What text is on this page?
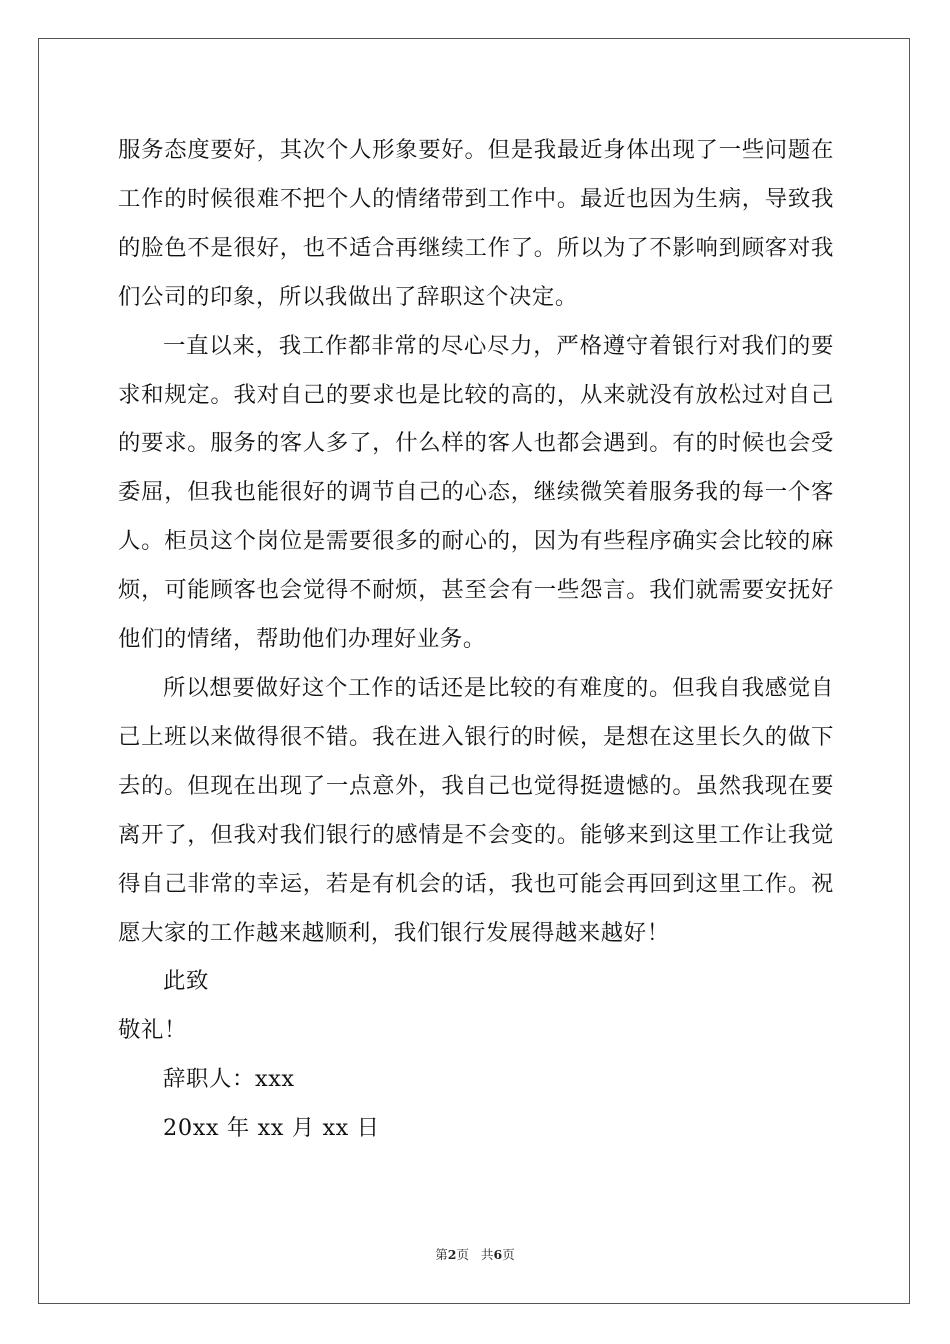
服务态度要好，其次个人形象要好。但是我最近身体出现了一些问题在工作的时候很难不把个人的情绪带到工作中。最近也因为生病，导致我的脸色不是很好，也不适合再继续工作了。所以为了不影响到顾客对我们公司的印象，所以我做出了辞职这个决定。

一直以来，我工作都非常的尽心尽力，严格遵守着银行对我们的要求和规定。我对自己的要求也是比较的高的，从来就没有放松过对自己的要求。服务的客人多了，什么样的客人也都会遇到。有的时候也会受委屈，但我也能很好的调节自己的心态，继续微笑着服务我的每一个客人。柜员这个岗位是需要很多的耐心的，因为有些程序确实会比较的麻烦，可能顾客也会觉得不耐烦，甚至会有一些怨言。我们就需要安抚好他们的情绪，帮助他们办理好业务。

所以想要做好这个工作的话还是比较的有难度的。但我自我感觉自己上班以来做得很不错。我在进入银行的时候，是想在这里长久的做下去的。但现在出现了一点意外，我自己也觉得挺遗憾的。虽然我现在要离开了，但我对我们银行的感情是不会变的。能够来到这里工作让我觉得自己非常的幸运，若是有机会的话，我也可能会再回到这里工作。祝愿大家的工作越来越顺利，我们银行发展得越来越好！

此致

敬礼！

辞职人：xxx

20xx 年 xx 月 xx 日

第2页 共6页
